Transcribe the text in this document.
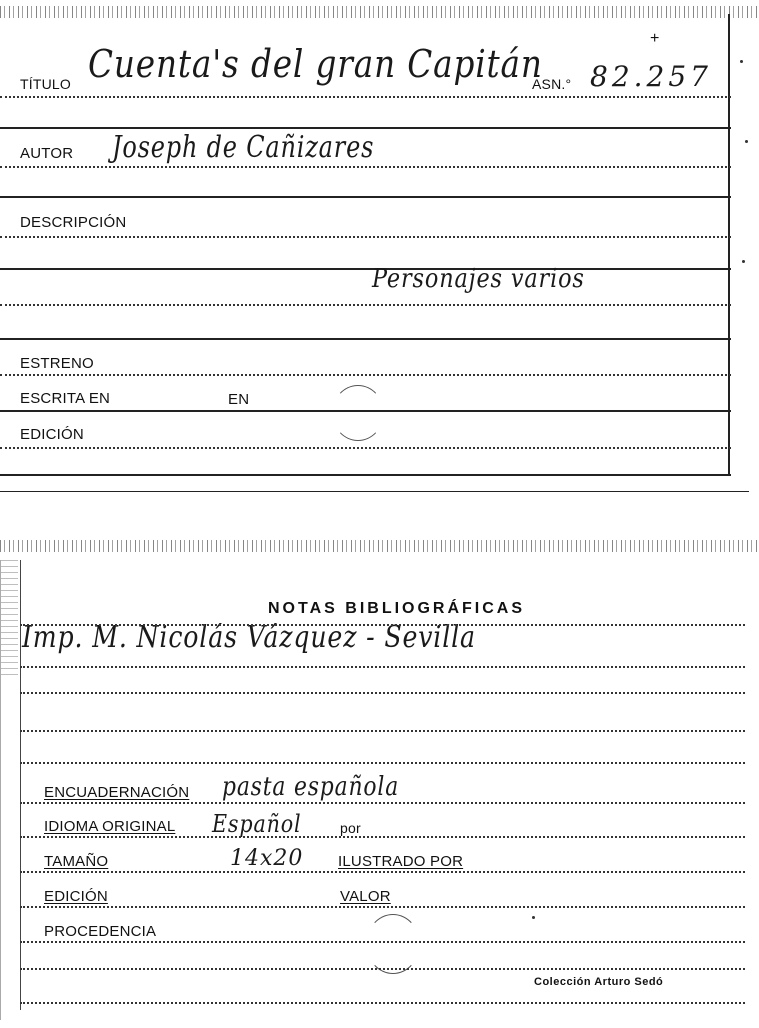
+
TÍTULO Cuenta's del gran Capitán
ASN.° 82.257
AUTOR Joseph de Cañizares
DESCRIPCIÓN
Personajes varios
ESTRENO
ESCRITA EN	EN
EDICIÓN
NOTAS BIBLIOGRÁFICAS
Imp. M. Nicolás Vázquez - Sevilla
ENCUADERNACIÓN pasta española
IDIOMA ORIGINAL Español	por
TAMAÑO	14x20 ILUSTRADO POR
EDICIÓN	VALOR
PROCEDENCIA
Colección Arturo Sedó
